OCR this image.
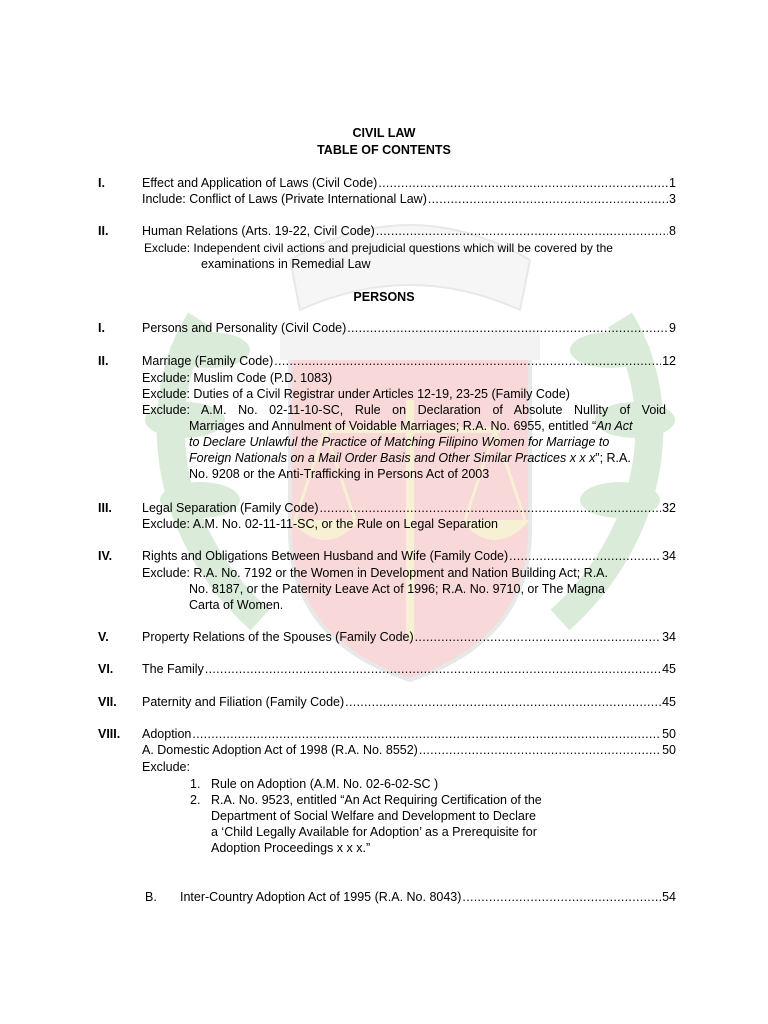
CIVIL LAW
TABLE OF CONTENTS
I.	Effect and Application of Laws (Civil Code) .....	1
Include: Conflict of Laws (Private International Law) .....	3
II.	Human Relations (Arts. 19-22, Civil Code) .....	8
Exclude: Independent civil actions and prejudicial questions which will be covered by the
examinations in Remedial Law
PERSONS
I.	Persons and Personality (Civil Code) .....	9
II.	Marriage (Family Code) .....	12
Exclude: Muslim Code (P.D. 1083)
Exclude: Duties of a Civil Registrar under Articles 12-19, 23-25 (Family Code)
Exclude: A.M. No. 02-11-10-SC, Rule on Declaration of Absolute Nullity of Void
Marriages and Annulment of Voidable Marriages; R.A. No. 6955, entitled “An Act
to Declare Unlawful the Practice of Matching Filipino Women for Marriage to
Foreign Nationals on a Mail Order Basis and Other Similar Practices x x x”; R.A.
No. 9208 or the Anti-Trafficking in Persons Act of 2003
III. Legal Separation (Family Code) .....	32
Exclude: A.M. No. 02-11-11-SC, or the Rule on Legal Separation
IV. Rights and Obligations Between Husband and Wife (Family Code) .....	34
Exclude: R.A. No. 7192 or the Women in Development and Nation Building Act; R.A.
No. 8187, or the Paternity Leave Act of 1996; R.A. No. 9710, or The Magna
Carta of Women.
V.	Property Relations of the Spouses (Family Code) .....	34
VI. The Family .....	45
VII. Paternity and Filiation (Family Code) .....	45
VIII. Adoption .....	50
A. Domestic Adoption Act of 1998 (R.A. No. 8552) .....	50
Exclude:
1. Rule on Adoption (A.M. No. 02-6-02-SC )
2. R.A. No. 9523, entitled “An Act Requiring Certification of the
Department of Social Welfare and Development to Declare
a ‘Child Legally Available for Adoption’ as a Prerequisite for
Adoption Proceedings x x x.”
B. Inter-Country Adoption Act of 1995 (R.A. No. 8043) .....	54
